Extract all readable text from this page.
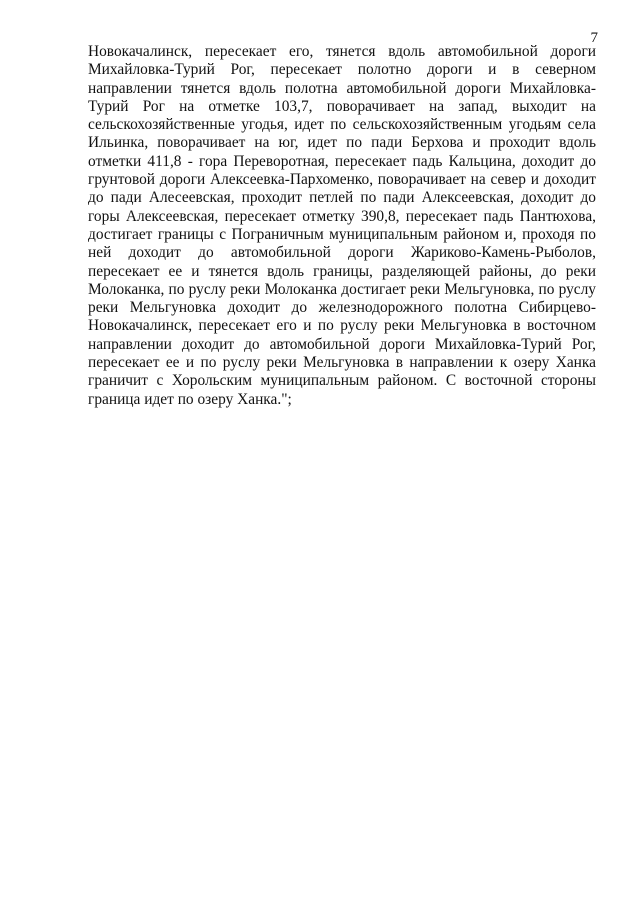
7

Новокачалинск, пересекает его, тянется вдоль автомобильной дороги Михайловка-Турий Рог, пересекает полотно дороги и в северном направлении тянется вдоль полотна автомобильной дороги Михайловка-Турий Рог на отметке 103,7, поворачивает на запад, выходит на сельскохозяйственные угодья, идет по сельскохозяйственным угодьям села Ильинка, поворачивает на юг, идет по пади Берхова и проходит вдоль отметки 411,8 - гора Переворотная, пересекает падь Кальцина, доходит до грунтовой дороги Алексеевка-Пархоменко, поворачивает на север и доходит до пади Алесеевская, проходит петлей по пади Алексеевская, доходит до горы Алексеевская, пересекает отметку 390,8, пересекает падь Пантюхова, достигает границы с Пограничным муниципальным районом и, проходя по ней доходит до автомобильной дороги Жариково-Камень-Рыболов, пересекает ее и тянется вдоль границы, разделяющей районы, до реки Молоканка, по руслу реки Молоканка достигает реки Мельгуновка, по руслу реки Мельгуновка доходит до железнодорожного полотна Сибирцево-Новокачалинск, пересекает его и по руслу реки Мельгуновка в восточном направлении доходит до автомобильной дороги Михайловка-Турий Рог, пересекает ее и по руслу реки Мельгуновка в направлении к озеру Ханка граничит с Хорольским муниципальным районом. С восточной стороны граница идет по озеру Ханка.";
